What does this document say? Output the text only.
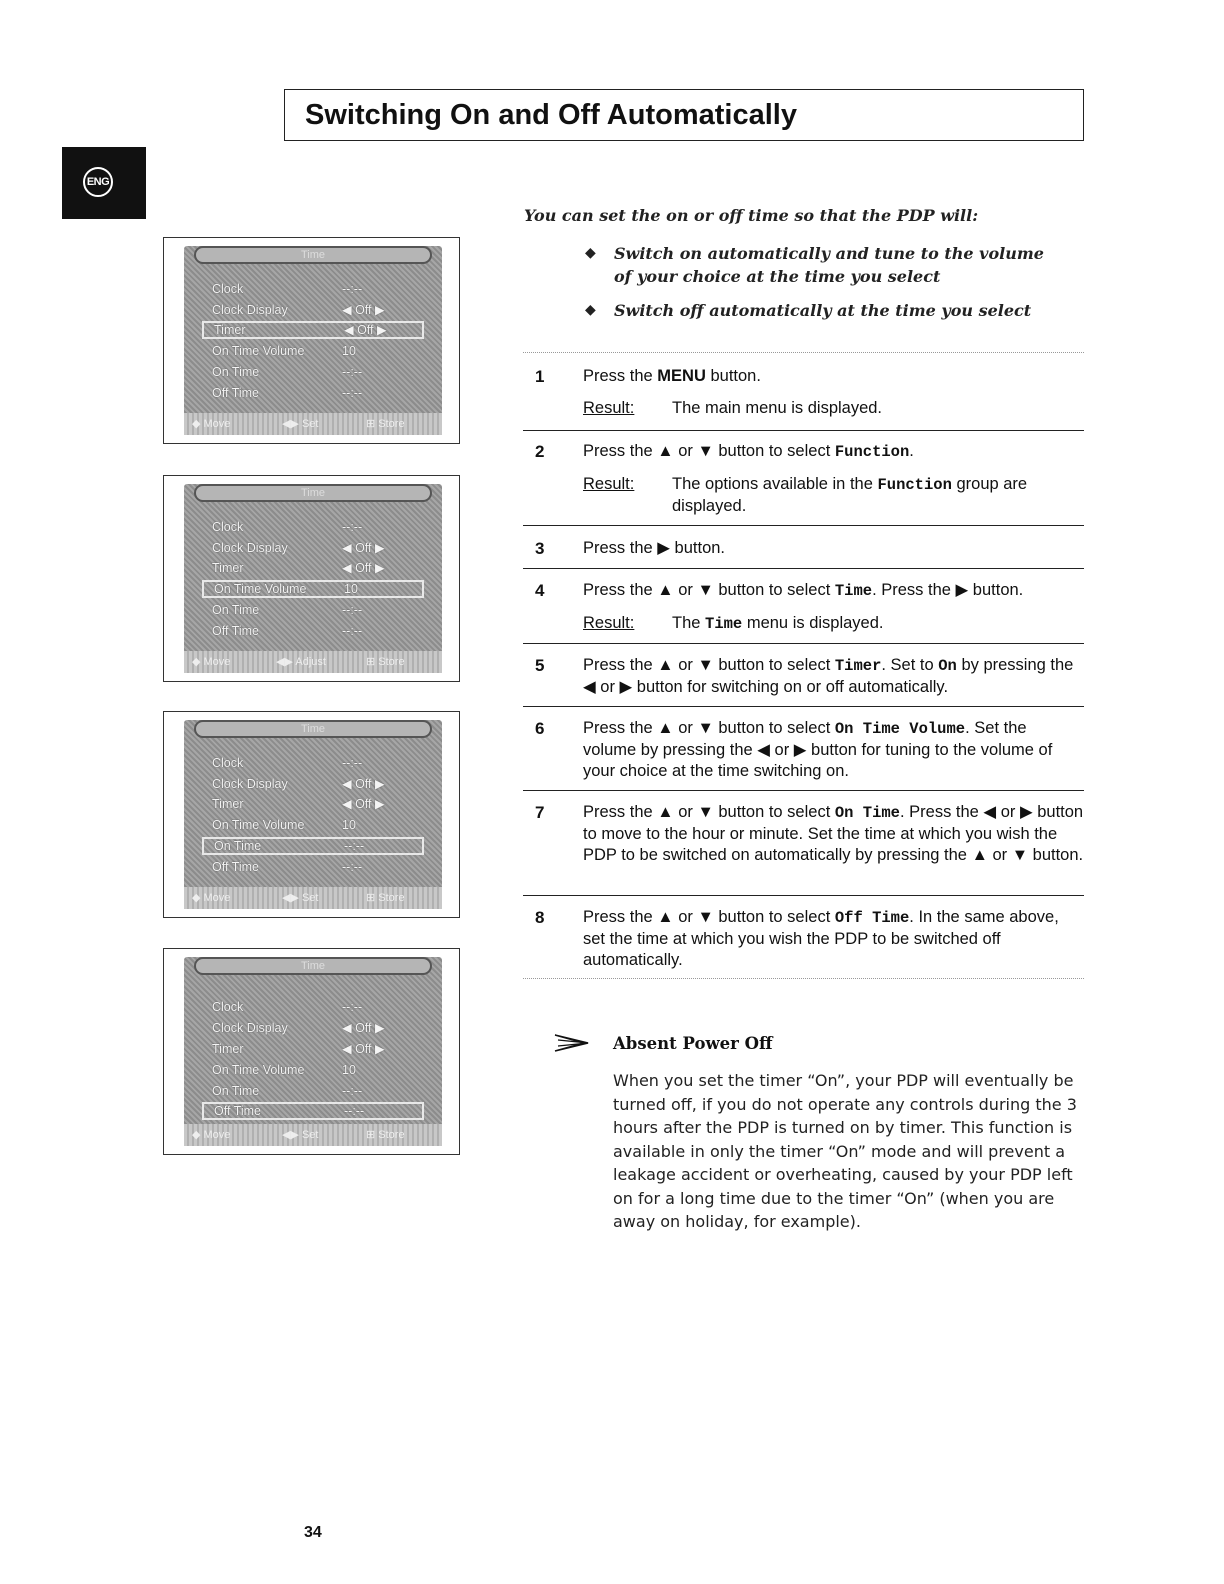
Switching On and Off Automatically
ENG
Time
Clock	--:--
Clock Display	◀ Off ▶
Timer	◀ Off ▶
On Time Volume	10
On Time	--:--
Off Time	--:--
◆ Move	◀▶ Set	⊞ Store
Time
Clock	--:--
Clock Display	◀ Off ▶
Timer	◀ Off ▶
On Time Volume	10
On Time	--:--
Off Time	--:--
◆ Move	◀▶ Adjust	⊞ Store
Time
Clock	--:--
Clock Display	◀ Off ▶
Timer	◀ Off ▶
On Time Volume	10
On Time	--:--
Off Time	--:--
◆ Move	◀▶ Set	⊞ Store
Time
Clock	--:--
Clock Display	◀ Off ▶
Timer	◀ Off ▶
On Time Volume	10
On Time	--:--
Off Time	--:--
◆ Move	◀▶ Set	⊞ Store
You can set the on or off time so that the PDP will:
◆ Switch on automatically and tune to the volume of your choice at the time you select
◆ Switch off automatically at the time you select
1 Press the MENU button.
Result: The main menu is displayed.
2 Press the ▲ or ▼ button to select Function.
Result: The options available in the Function group are displayed.
3 Press the ▶ button.
4 Press the ▲ or ▼ button to select Time. Press the ▶ button.
Result: The Time menu is displayed.
5 Press the ▲ or ▼ button to select Timer. Set to On by pressing the ◀ or ▶ button for switching on or off automatically.
6 Press the ▲ or ▼ button to select On Time Volume. Set the volume by pressing the ◀ or ▶ button for tuning to the volume of your choice at the time switching on.
7 Press the ▲ or ▼ button to select On Time. Press the ◀ or ▶ button to move to the hour or minute. Set the time at which you wish the PDP to be switched on automatically by pressing the ▲ or ▼ button.
8 Press the ▲ or ▼ button to select Off Time. In the same above, set the time at which you wish the PDP to be switched off automatically.
Absent Power Off
When you set the timer “On”, your PDP will eventually be turned off, if you do not operate any controls during the 3 hours after the PDP is turned on by timer. This function is available in only the timer “On” mode and will prevent a leakage accident or overheating, caused by your PDP left on for a long time due to the timer “On” (when you are away on holiday, for example).
34
